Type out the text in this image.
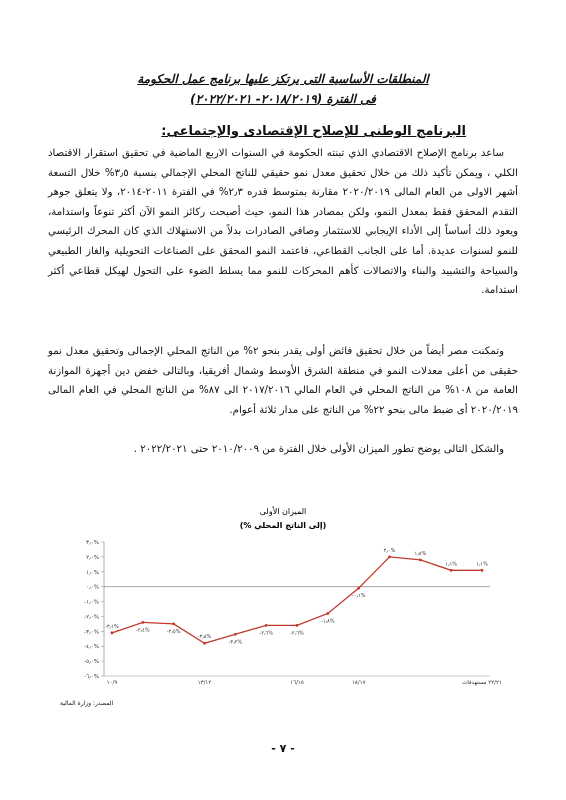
المنطلقات الأساسية التى يرتكز عليها برنامج عمل الحكومة
فى الفترة (٢٠١٨/٢٠١٩- ٢٠٢٢/٢٠٢١)
البرنامج الوطنى للإصلاح الإقتصادى والإجتماعى:
ساعد برنامج الإصلاح الاقتصادي الذي تبنته الحكومة في السنوات الاربع الماضية في تحقيق استقرار الاقتصاد الكلي ، ويمكن تأكيد ذلك من خلال تحقيق معدل نمو حقيقي للناتج المحلي الإجمالي بنسبة ٣٫٥% خلال التسعة أشهر الاولى من العام المالى ٢٠٢٠/٢٠١٩ مقارنة بمتوسط قدره ٢٫٣% في الفترة ٢٠١١-٢٠١٤، ولا يتعلق جوهر التقدم المحقق فقط بمعدل النمو، ولكن بمصادر هذا النمو، حيث أصبحت ركائز النمو الآن أكثر تنوعاً واستدامة، ويعود ذلك أساساً إلى الأداء الإيجابي للاستثمار وصافي الصادرات بدلاً من الاستهلاك الذي كان المحرك الرئيسي للنمو لسنوات عديدة. أما على الجانب القطاعي، فاعتمد النمو المحقق على الصناعات التحويلية والغاز الطبيعي والسياحة والتشييد والبناء والاتصالات كأهم المحركات للنمو مما يسلط الضوء على التحول لهيكل قطاعي أكثر استدامة.
وتمكنت مصر أيضاً من خلال تحقيق فائض أولى يقدر بنحو ٢% من الناتج المحلي الإجمالى وتحقيق معدل نمو حقيقى من أعلى معدلات النمو في منطقة الشرق الأوسط وشمال أفريقيا، وبالتالى خفض دين أجهزة الموازنة العامة من ١٠٨% من الناتج المحلي في العام المالي ٢٠١٧/٢٠١٦ الى ٨٧% من الناتج المحلي في العام المالى ٢٠٢٠/٢٠١٩ أى ضبط مالى بنحو ٢٢% من الناتج على مدار ثلاثة أعوام.
والشكل التالى يوضح تطور الميزان الأولى خلال الفترة من ٢٠١٠/٢٠٠٩ حتى ٢٠٢٢/٢٠٢١ .
الميزان الأولى
(% إلى الناتج المحلي)
٣٫٠%
٢٫٠%
١٫٠%
٠٫٠%
-١٫٠%
-٢٫٠%
-٣٫٠%
-٤٫٠%
-٥٫٠%
-٦٫٠%
١٠/٩	١٣/١٢	١٦/١٥	١٨/١٧	٢٢/٢١ مستهدفات
-٣٫١%
-٢٫٤%	-٢٫٥%
-٣٫٨%
-٣٫٢%
-٢٫٦%	-٢٫٦%
-١٫٨%
-٠٫١%
٢٫٠%	١٫٨%
١٫١%	١٫١%
المصدر: وزارة المالية
- ٧ -
